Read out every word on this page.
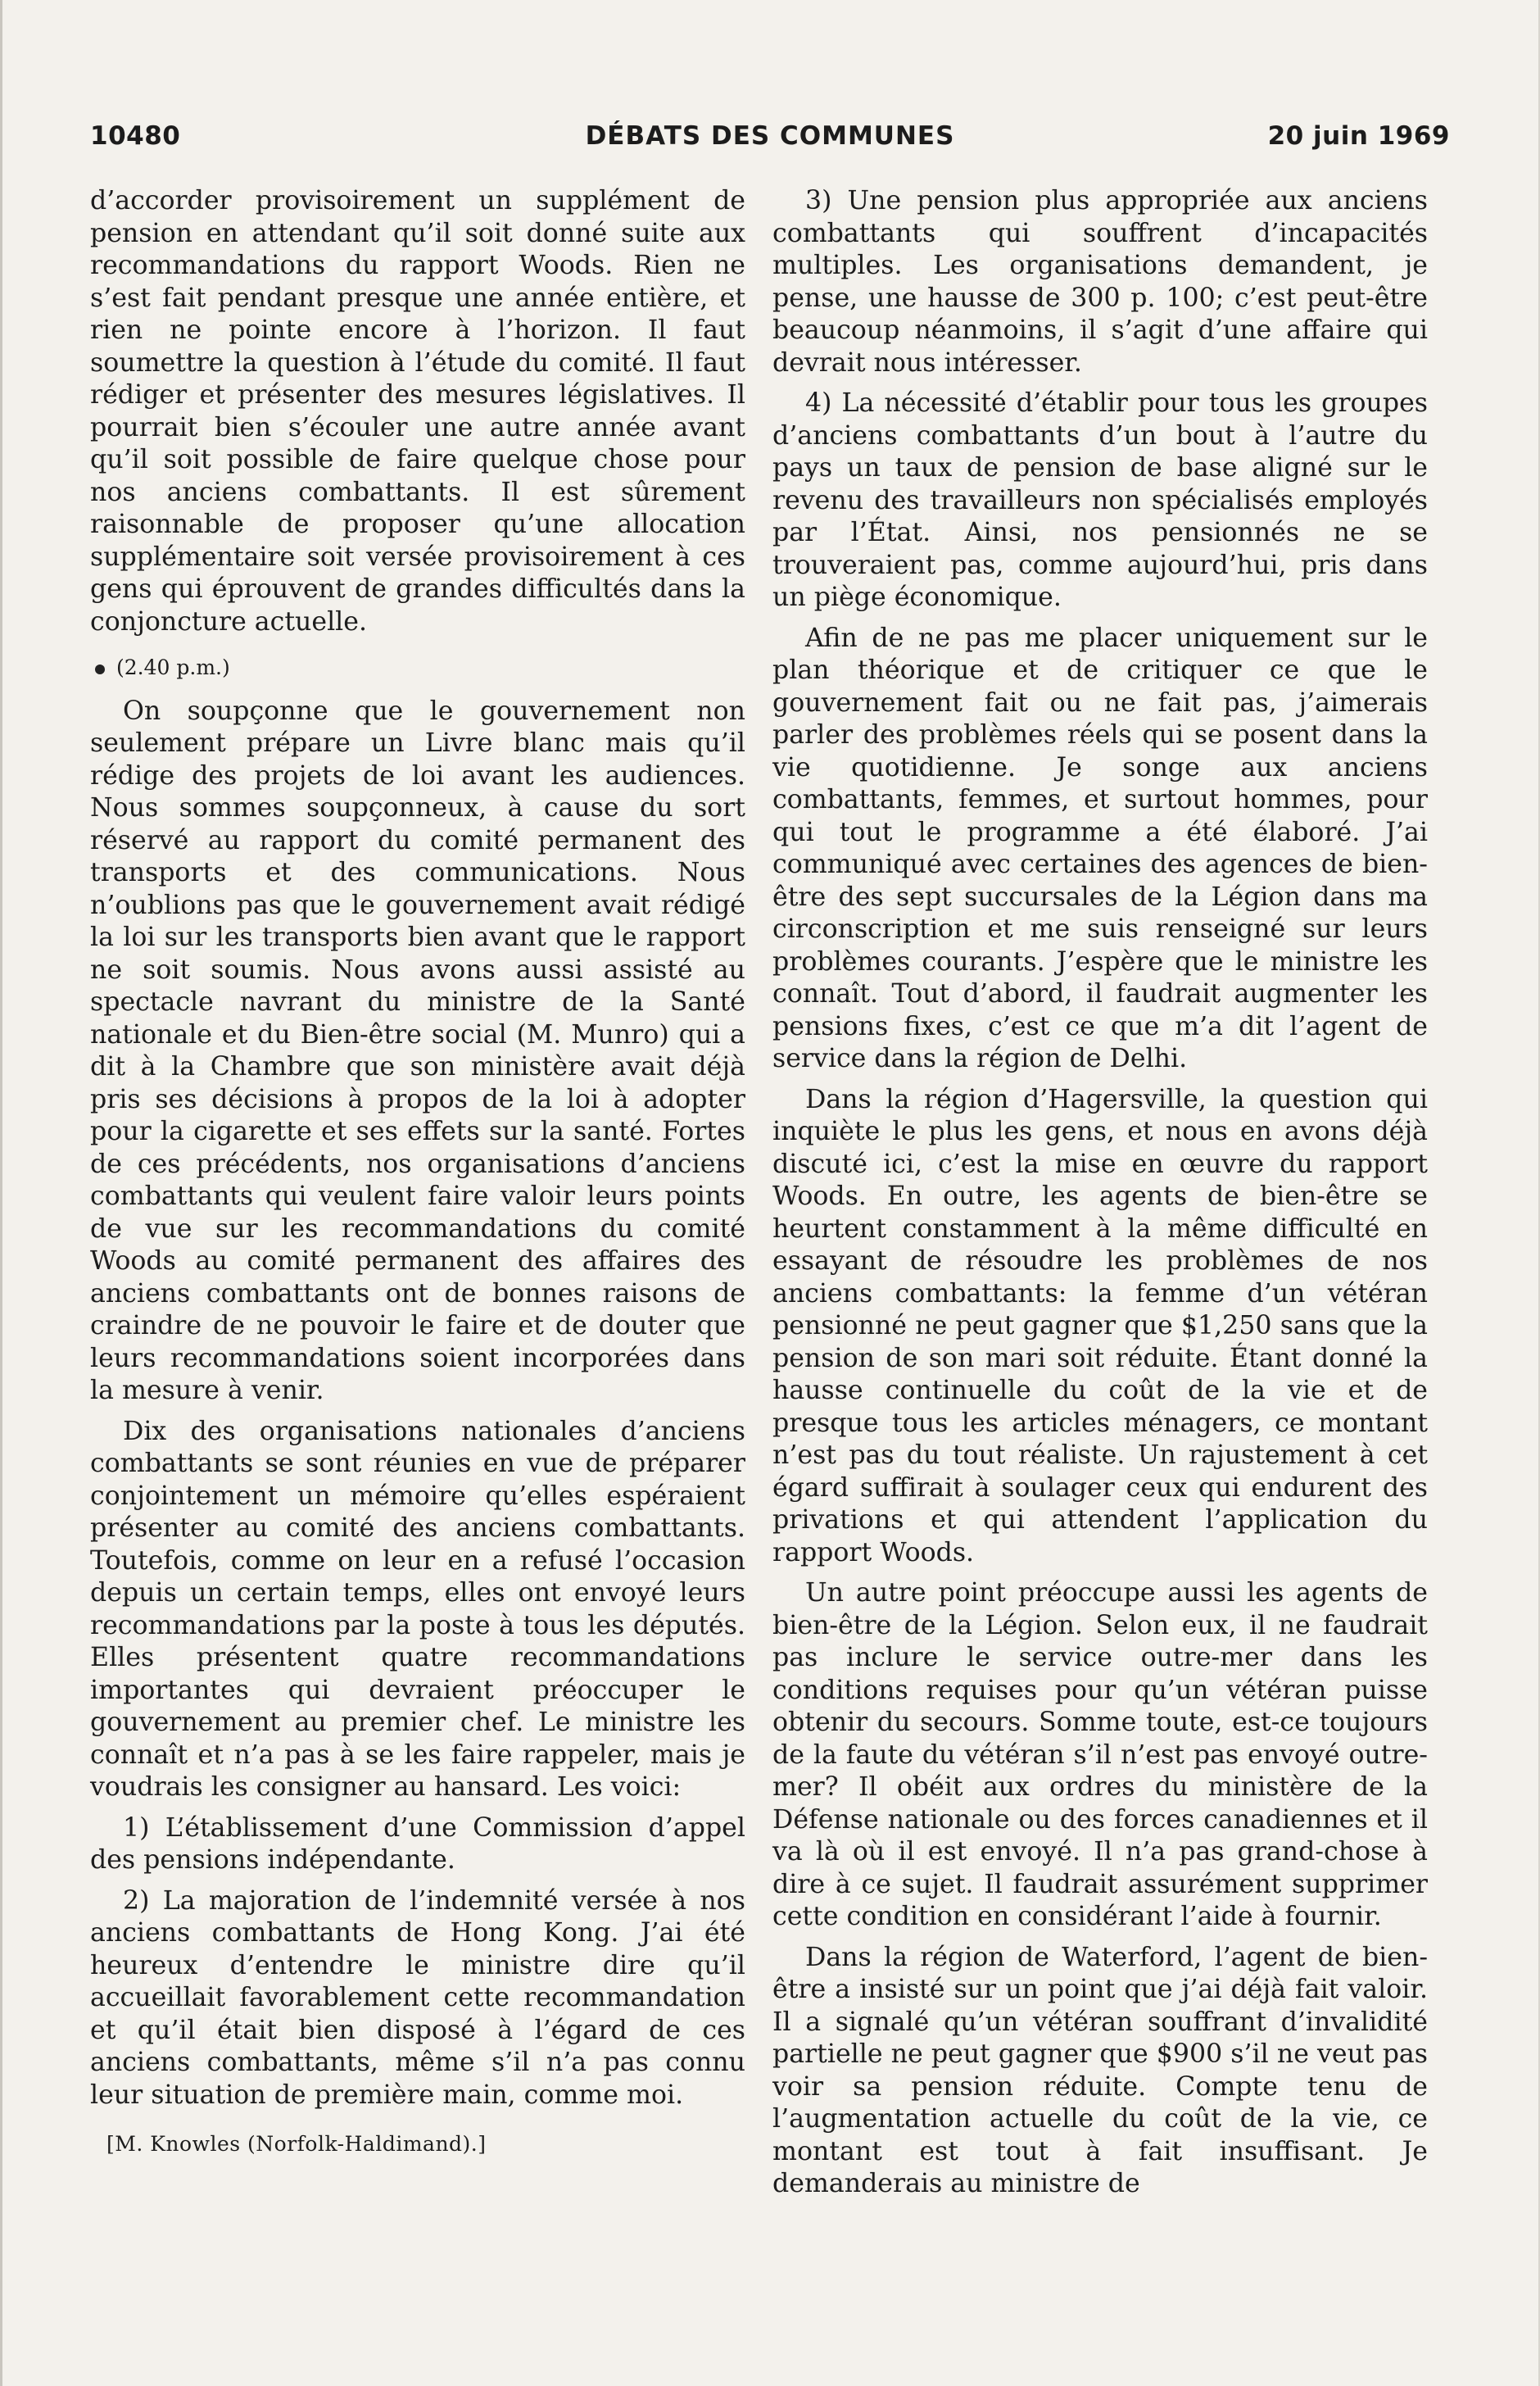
10480	DÉBATS DES COMMUNES	20 juin 1969

d’accorder provisoirement un supplément de pension en attendant qu’il soit donné suite aux recommandations du rapport Woods. Rien ne s’est fait pendant presque une année entière, et rien ne pointe encore à l’horizon. Il faut soumettre la question à l’étude du comité. Il faut rédiger et présenter des mesures législatives. Il pourrait bien s’écouler une autre année avant qu’il soit possible de faire quelque chose pour nos anciens combattants. Il est sûrement raisonnable de proposer qu’une allocation supplémentaire soit versée provisoirement à ces gens qui éprouvent de grandes difficultés dans la conjoncture actuelle.

(2.40 p.m.)

On soupçonne que le gouvernement non seulement prépare un Livre blanc mais qu’il rédige des projets de loi avant les audiences. Nous sommes soupçonneux, à cause du sort réservé au rapport du comité permanent des transports et des communications. Nous n’oublions pas que le gouvernement avait rédigé la loi sur les transports bien avant que le rapport ne soit soumis. Nous avons aussi assisté au spectacle navrant du ministre de la Santé nationale et du Bien-être social (M. Munro) qui a dit à la Chambre que son ministère avait déjà pris ses décisions à propos de la loi à adopter pour la cigarette et ses effets sur la santé. Fortes de ces précédents, nos organisations d’anciens combattants qui veulent faire valoir leurs points de vue sur les recommandations du comité Woods au comité permanent des affaires des anciens combattants ont de bonnes raisons de craindre de ne pouvoir le faire et de douter que leurs recommandations soient incorporées dans la mesure à venir.

Dix des organisations nationales d’anciens combattants se sont réunies en vue de préparer conjointement un mémoire qu’elles espéraient présenter au comité des anciens combattants. Toutefois, comme on leur en a refusé l’occasion depuis un certain temps, elles ont envoyé leurs recommandations par la poste à tous les députés. Elles présentent quatre recommandations importantes qui devraient préoccuper le gouvernement au premier chef. Le ministre les connaît et n’a pas à se les faire rappeler, mais je voudrais les consigner au hansard. Les voici:

1) L’établissement d’une Commission d’appel des pensions indépendante.

2) La majoration de l’indemnité versée à nos anciens combattants de Hong Kong. J’ai été heureux d’entendre le ministre dire qu’il accueillait favorablement cette recommandation et qu’il était bien disposé à l’égard de ces anciens combattants, même s’il n’a pas connu leur situation de première main, comme moi.

[M. Knowles (Norfolk-Haldimand).]

3) Une pension plus appropriée aux anciens combattants qui souffrent d’incapacités multiples. Les organisations demandent, je pense, une hausse de 300 p. 100; c’est peut-être beaucoup néanmoins, il s’agit d’une affaire qui devrait nous intéresser.

4) La nécessité d’établir pour tous les groupes d’anciens combattants d’un bout à l’autre du pays un taux de pension de base aligné sur le revenu des travailleurs non spécialisés employés par l’État. Ainsi, nos pensionnés ne se trouveraient pas, comme aujourd’hui, pris dans un piège économique.

Afin de ne pas me placer uniquement sur le plan théorique et de critiquer ce que le gouvernement fait ou ne fait pas, j’aimerais parler des problèmes réels qui se posent dans la vie quotidienne. Je songe aux anciens combattants, femmes, et surtout hommes, pour qui tout le programme a été élaboré. J’ai communiqué avec certaines des agences de bien-être des sept succursales de la Légion dans ma circonscription et me suis renseigné sur leurs problèmes courants. J’espère que le ministre les connaît. Tout d’abord, il faudrait augmenter les pensions fixes, c’est ce que m’a dit l’agent de service dans la région de Delhi.

Dans la région d’Hagersville, la question qui inquiète le plus les gens, et nous en avons déjà discuté ici, c’est la mise en œuvre du rapport Woods. En outre, les agents de bien-être se heurtent constamment à la même difficulté en essayant de résoudre les problèmes de nos anciens combattants: la femme d’un vétéran pensionné ne peut gagner que $1,250 sans que la pension de son mari soit réduite. Étant donné la hausse continuelle du coût de la vie et de presque tous les articles ménagers, ce montant n’est pas du tout réaliste. Un rajustement à cet égard suffirait à soulager ceux qui endurent des privations et qui attendent l’application du rapport Woods.

Un autre point préoccupe aussi les agents de bien-être de la Légion. Selon eux, il ne faudrait pas inclure le service outre-mer dans les conditions requises pour qu’un vétéran puisse obtenir du secours. Somme toute, est-ce toujours de la faute du vétéran s’il n’est pas envoyé outre-mer? Il obéit aux ordres du ministère de la Défense nationale ou des forces canadiennes et il va là où il est envoyé. Il n’a pas grand-chose à dire à ce sujet. Il faudrait assurément supprimer cette condition en considérant l’aide à fournir.

Dans la région de Waterford, l’agent de bien-être a insisté sur un point que j’ai déjà fait valoir. Il a signalé qu’un vétéran souffrant d’invalidité partielle ne peut gagner que $900 s’il ne veut pas voir sa pension réduite. Compte tenu de l’augmentation actuelle du coût de la vie, ce montant est tout à fait insuffisant. Je demanderais au ministre de
